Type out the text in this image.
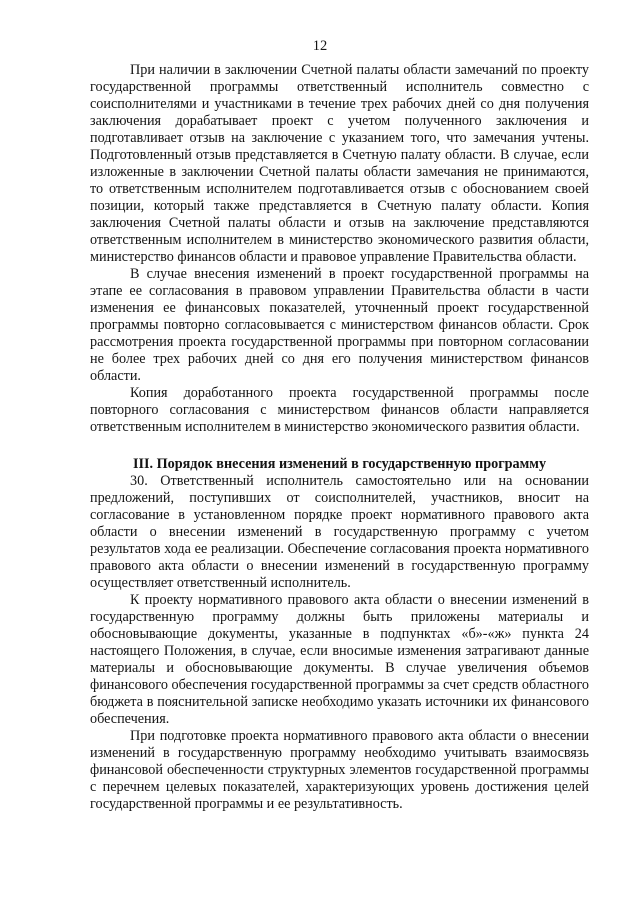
12

При наличии в заключении Счетной палаты области замечаний по проекту государственной программы ответственный исполнитель совместно с соисполнителями и участниками в течение трех рабочих дней со дня получения заключения дорабатывает проект с учетом полученного заключения и подготавливает отзыв на заключение с указанием того, что замечания учтены. Подготовленный отзыв представляется в Счетную палату области. В случае, если изложенные в заключении Счетной палаты области замечания не принимаются, то ответственным исполнителем подготавливается отзыв с обоснованием своей позиции, который также представляется в Счетную палату области. Копия заключения Счетной палаты области и отзыв на заключение представляются ответственным исполнителем в министерство экономического развития области, министерство финансов области и правовое управление Правительства области.

В случае внесения изменений в проект государственной программы на этапе ее согласования в правовом управлении Правительства области в части изменения ее финансовых показателей, уточненный проект государственной программы повторно согласовывается с министерством финансов области. Срок рассмотрения проекта государственной программы при повторном согласовании не более трех рабочих дней со дня его получения министерством финансов области.

Копия доработанного проекта государственной программы после повторного согласования с министерством финансов области направляется ответственным исполнителем в министерство экономического развития области.

III. Порядок внесения изменений в государственную программу

30. Ответственный исполнитель самостоятельно или на основании предложений, поступивших от соисполнителей, участников, вносит на согласование в установленном порядке проект нормативного правового акта области о внесении изменений в государственную программу с учетом результатов хода ее реализации. Обеспечение согласования проекта нормативного правового акта области о внесении изменений в государственную программу осуществляет ответственный исполнитель.

К проекту нормативного правового акта области о внесении изменений в государственную программу должны быть приложены материалы и обосновывающие документы, указанные в подпунктах «б»-«ж» пункта 24 настоящего Положения, в случае, если вносимые изменения затрагивают данные материалы и обосновывающие документы. В случае увеличения объемов финансового обеспечения государственной программы за счет средств областного бюджета в пояснительной записке необходимо указать источники их финансового обеспечения.

При подготовке проекта нормативного правового акта области о внесении изменений в государственную программу необходимо учитывать взаимосвязь финансовой обеспеченности структурных элементов государственной программы с перечнем целевых показателей, характеризующих уровень достижения целей государственной программы и ее результативность.
